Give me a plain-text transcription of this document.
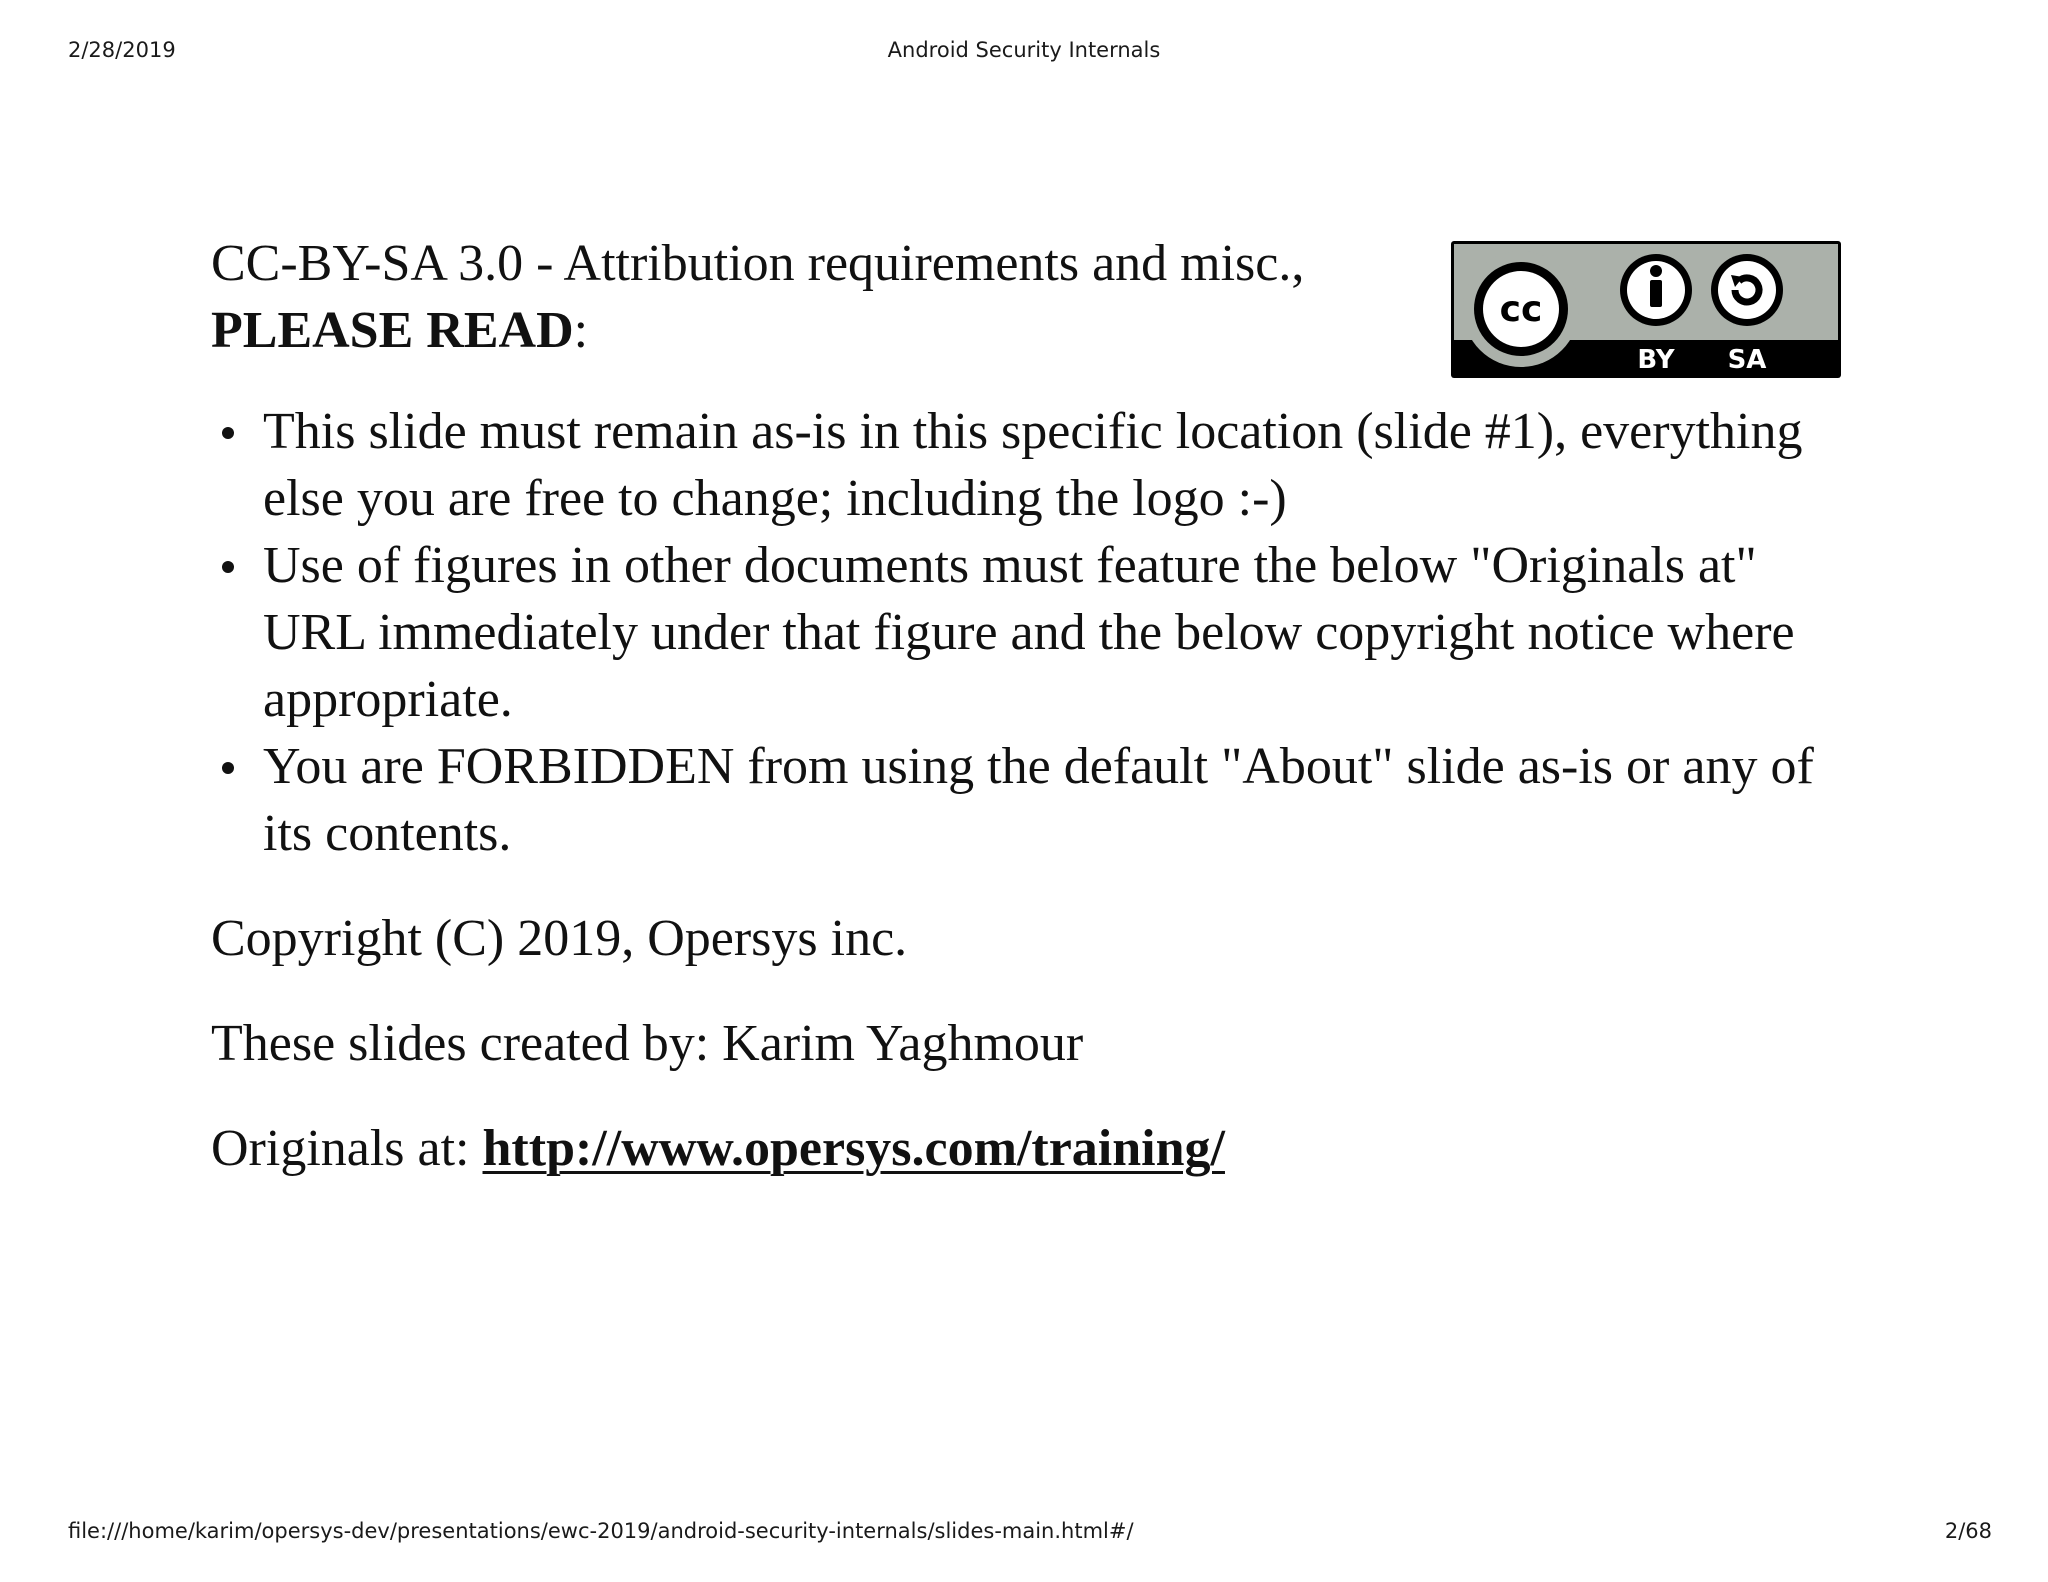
2/28/2019	Android Security Internals

CC-BY-SA 3.0 - Attribution requirements and misc.,
PLEASE READ:

This slide must remain as-is in this specific location (slide #1), everything else you are free to change; including the logo :-)
Use of figures in other documents must feature the below "Originals at" URL immediately under that figure and the below copyright notice where appropriate.
You are FORBIDDEN from using the default "About" slide as-is or any of its contents.

Copyright (C) 2019, Opersys inc.

These slides created by: Karim Yaghmour

Originals at: http://www.opersys.com/training/

cc
BY SA
file:///home/karim/opersys-dev/presentations/ewc-2019/android-security-internals/slides-main.html#/	2/68
